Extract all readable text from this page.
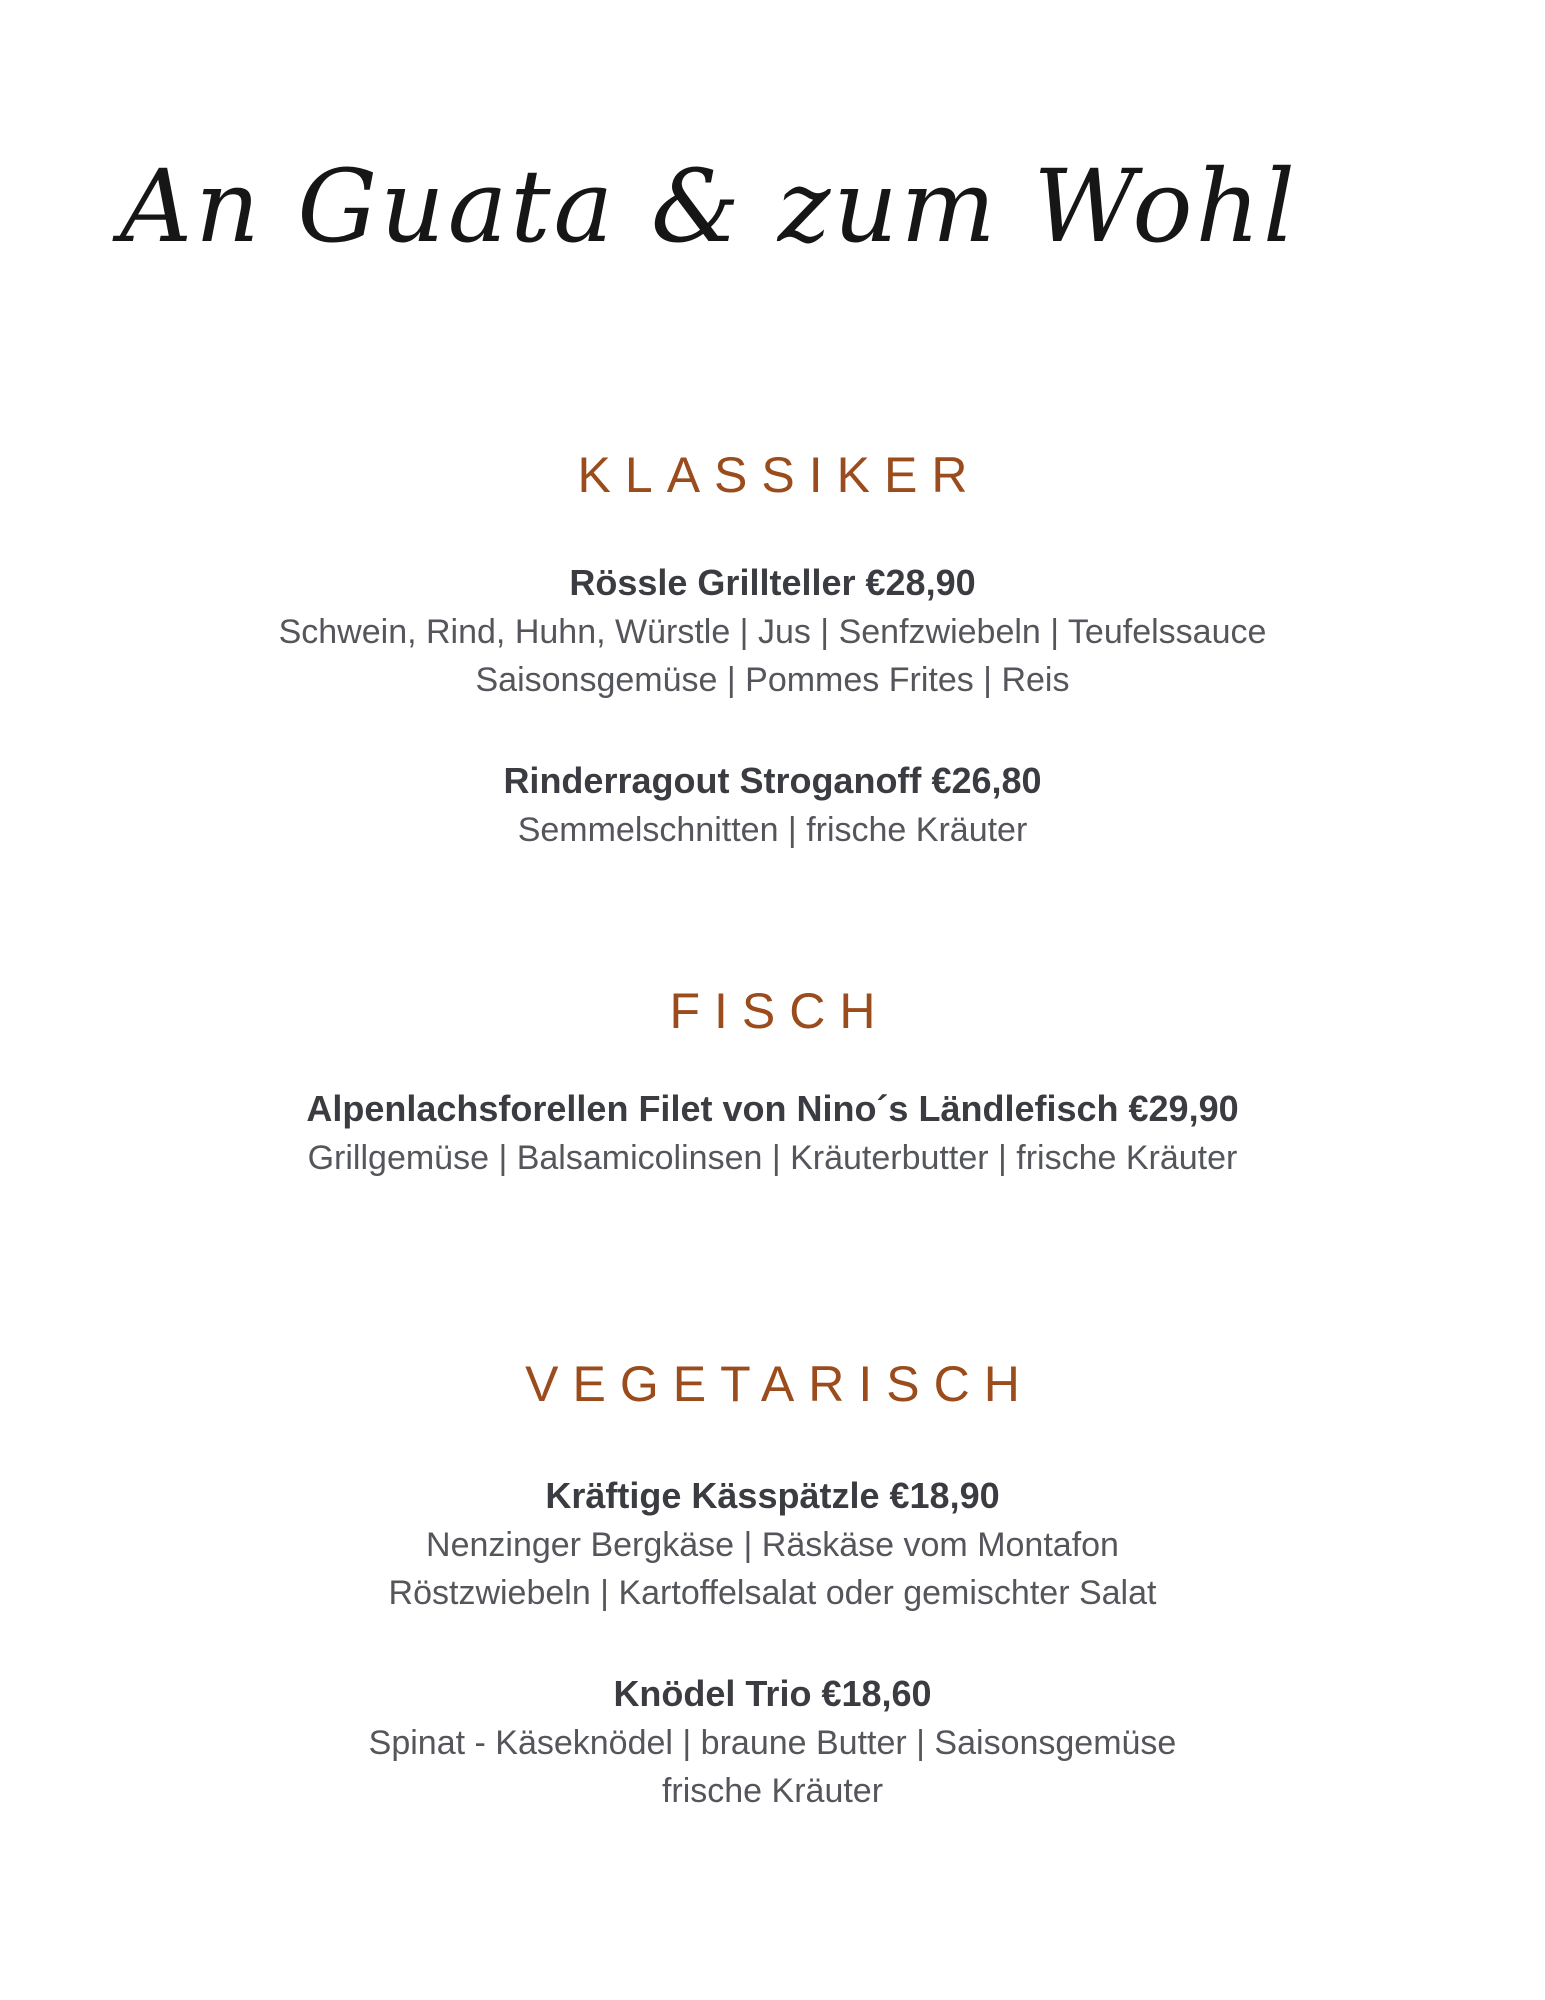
An Guata & zum Wohl
KLASSIKER

Rössle Grillteller €28,90

Schwein, Rind, Huhn, Würstle | Jus | Senfzwiebeln | Teufelssauce

Saisonsgemüse | Pommes Frites | Reis

Rinderragout Stroganoff €26,80

Semmelschnitten | frische Kräuter

FISCH

Alpenlachsforellen Filet von Nino´s Ländlefisch €29,90

Grillgemüse | Balsamicolinsen | Kräuterbutter | frische Kräuter

VEGETARISCH

Kräftige Kässpätzle €18,90

Nenzinger Bergkäse | Räskäse vom Montafon

Röstzwiebeln | Kartoffelsalat oder gemischter Salat

Knödel Trio €18,60

Spinat - Käseknödel | braune Butter | Saisonsgemüse

frische Kräuter
